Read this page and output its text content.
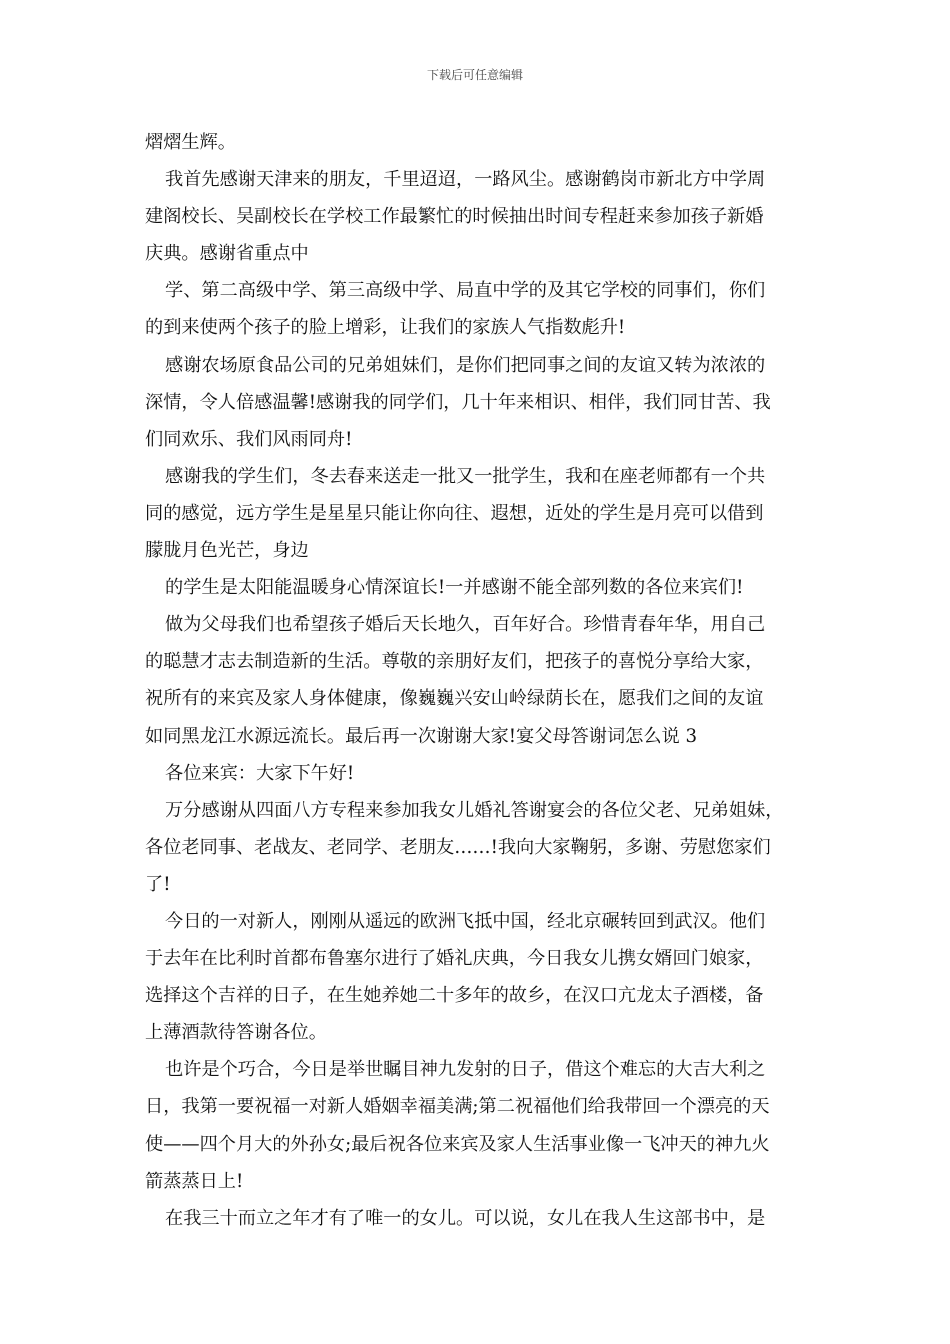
下载后可任意编辑
熠熠生辉。
我首先感谢天津来的朋友，千里迢迢，一路风尘。感谢鹤岗市新北方中学周
建阁校长、吴副校长在学校工作最繁忙的时候抽出时间专程赶来参加孩子新婚
庆典。感谢省重点中
学、第二高级中学、第三高级中学、局直中学的及其它学校的同事们，你们
的到来使两个孩子的脸上增彩，让我们的家族人气指数彪升!
感谢农场原食品公司的兄弟姐妹们，是你们把同事之间的友谊又转为浓浓的
深情，令人倍感温馨!感谢我的同学们，几十年来相识、相伴，我们同甘苦、我
们同欢乐、我们风雨同舟!
感谢我的学生们，冬去春来送走一批又一批学生，我和在座老师都有一个共
同的感觉，远方学生是星星只能让你向往、遐想，近处的学生是月亮可以借到
朦胧月色光芒，身边
的学生是太阳能温暖身心情深谊长!一并感谢不能全部列数的各位来宾们!
做为父母我们也希望孩子婚后天长地久，百年好合。珍惜青春年华，用自己
的聪慧才志去制造新的生活。尊敬的亲朋好友们，把孩子的喜悦分享给大家，
祝所有的来宾及家人身体健康，像巍巍兴安山岭绿荫长在，愿我们之间的友谊
如同黑龙江水源远流长。最后再一次谢谢大家!宴父母答谢词怎么说 3
各位来宾：大家下午好!
万分感谢从四面八方专程来参加我女儿婚礼答谢宴会的各位父老、兄弟姐妹，
各位老同事、老战友、老同学、老朋友……!我向大家鞠躬，多谢、劳慰您家们
了!
今日的一对新人，刚刚从遥远的欧洲飞抵中国，经北京碾转回到武汉。他们
于去年在比利时首都布鲁塞尔进行了婚礼庆典，今日我女儿携女婿回门娘家，
选择这个吉祥的日子，在生她养她二十多年的故乡，在汉口亢龙太子酒楼，备
上薄酒款待答谢各位。
也许是个巧合，今日是举世瞩目神九发射的日子，借这个难忘的大吉大利之
日，我第一要祝福一对新人婚姻幸福美满;第二祝福他们给我带回一个漂亮的天
使——四个月大的外孙女;最后祝各位来宾及家人生活事业像一飞冲天的神九火
箭蒸蒸日上!
在我三十而立之年才有了唯一的女儿。可以说，女儿在我人生这部书中，是
